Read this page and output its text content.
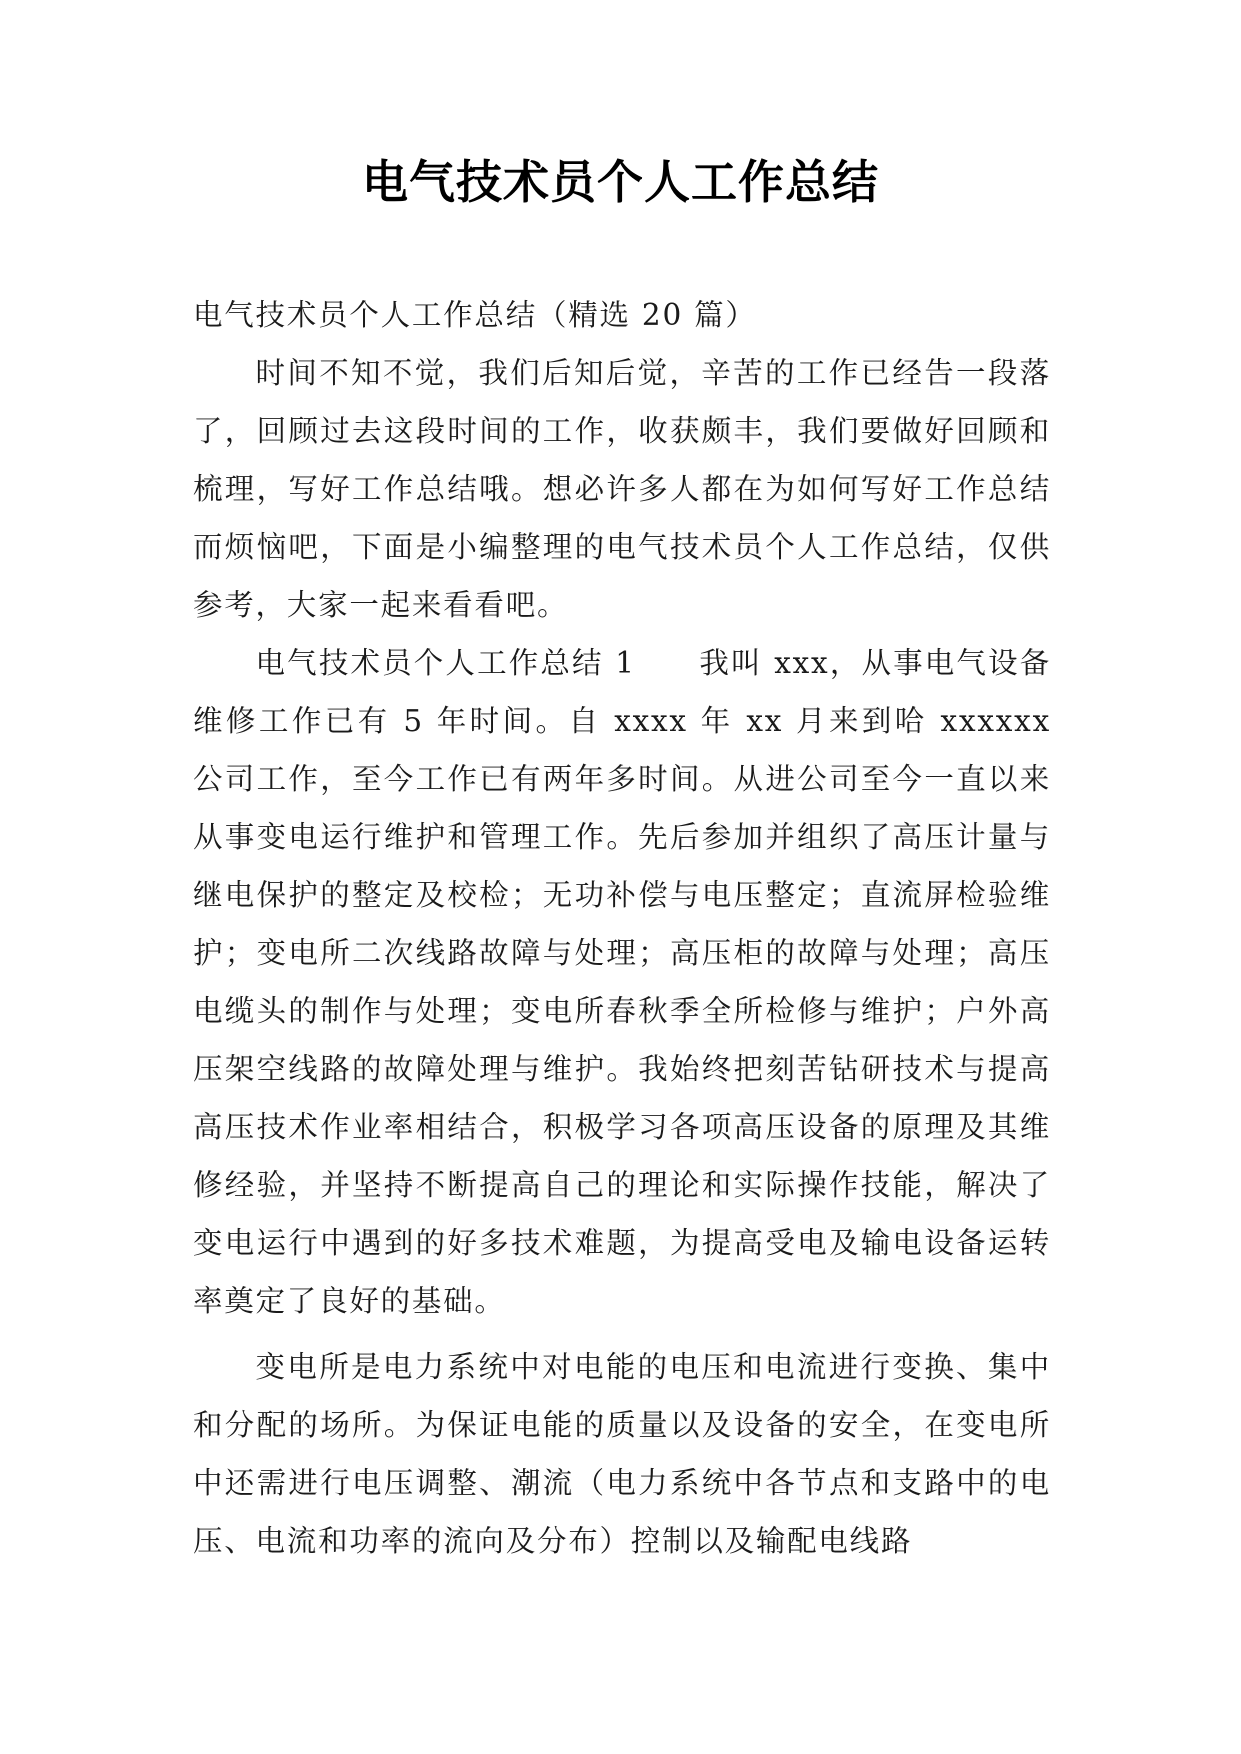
电气技术员个人工作总结

电气技术员个人工作总结（精选 20 篇）

时间不知不觉，我们后知后觉，辛苦的工作已经告一段落了，回顾过去这段时间的工作，收获颇丰，我们要做好回顾和梳理，写好工作总结哦。想必许多人都在为如何写好工作总结而烦恼吧，下面是小编整理的电气技术员个人工作总结，仅供参考，大家一起来看看吧。

电气技术员个人工作总结 1　　我叫 xxx，从事电气设备维修工作已有 5 年时间。自 xxxx 年 xx 月来到哈 xxxxxx 公司工作，至今工作已有两年多时间。从进公司至今一直以来从事变电运行维护和管理工作。先后参加并组织了高压计量与继电保护的整定及校检；无功补偿与电压整定；直流屏检验维护；变电所二次线路故障与处理；高压柜的故障与处理；高压电缆头的制作与处理；变电所春秋季全所检修与维护；户外高压架空线路的故障处理与维护。我始终把刻苦钻研技术与提高高压技术作业率相结合，积极学习各项高压设备的原理及其维修经验，并坚持不断提高自己的理论和实际操作技能，解决了变电运行中遇到的好多技术难题，为提高受电及输电设备运转率奠定了良好的基础。

变电所是电力系统中对电能的电压和电流进行变换、集中和分配的场所。为保证电能的质量以及设备的安全，在变电所中还需进行电压调整、潮流（电力系统中各节点和支路中的电压、电流和功率的流向及分布）控制以及输配电线路
